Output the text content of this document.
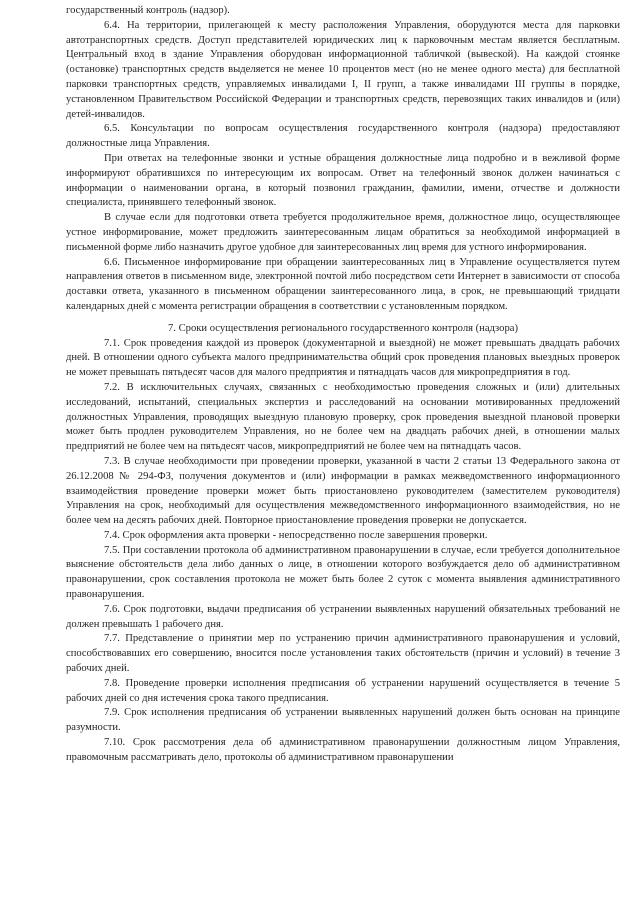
государственный контроль (надзор).

6.4. На территории, прилегающей к месту расположения Управления, оборудуются места для парковки автотранспортных средств. Доступ представителей юридических лиц к парковочным местам является бесплатным. Центральный вход в здание Управления оборудован информационной табличкой (вывеской). На каждой стоянке (остановке) транспортных средств выделяется не менее 10 процентов мест (но не менее одного места) для бесплатной парковки транспортных средств, управляемых инвалидами I, II групп, а также инвалидами III группы в порядке, установленном Правительством Российской Федерации и транспортных средств, перевозящих таких инвалидов и (или) детей-инвалидов.

6.5. Консультации по вопросам осуществления государственного контроля (надзора) предоставляют должностные лица Управления.

При ответах на телефонные звонки и устные обращения должностные лица подробно и в вежливой форме информируют обратившихся по интересующим их вопросам. Ответ на телефонный звонок должен начинаться с информации о наименовании органа, в который позвонил гражданин, фамилии, имени, отчестве и должности специалиста, принявшего телефонный звонок.

В случае если для подготовки ответа требуется продолжительное время, должностное лицо, осуществляющее устное информирование, может предложить заинтересованным лицам обратиться за необходимой информацией в письменной форме либо назначить другое удобное для заинтересованных лиц время для устного информирования.

6.6. Письменное информирование при обращении заинтересованных лиц в Управление осуществляется путем направления ответов в письменном виде, электронной почтой либо посредством сети Интернет в зависимости от способа доставки ответа, указанного в письменном обращении заинтересованного лица, в срок, не превышающий тридцати календарных дней с момента регистрации обращения в соответствии с установленным порядком.

7. Сроки осуществления регионального государственного контроля (надзора)

7.1. Срок проведения каждой из проверок (документарной и выездной) не может превышать двадцать рабочих дней. В отношении одного субъекта малого предпринимательства общий срок проведения плановых выездных проверок не может превышать пятьдесят часов для малого предприятия и пятнадцать часов для микропредприятия в год.

7.2. В исключительных случаях, связанных с необходимостью проведения сложных и (или) длительных исследований, испытаний, специальных экспертиз и расследований на основании мотивированных предложений должностных Управления, проводящих выездную плановую проверку, срок проведения выездной плановой проверки может быть продлен руководителем Управления, но не более чем на двадцать рабочих дней, в отношении малых предприятий не более чем на пятьдесят часов, микропредприятий не более чем на пятнадцать часов.

7.3. В случае необходимости при проведении проверки, указанной в части 2 статьи 13 Федерального закона от 26.12.2008 № 294-ФЗ, получения документов и (или) информации в рамках межведомственного информационного взаимодействия проведение проверки может быть приостановлено руководителем (заместителем руководителя) Управления на срок, необходимый для осуществления межведомственного информационного взаимодействия, но не более чем на десять рабочих дней. Повторное приостановление проведения проверки не допускается.

7.4. Срок оформления акта проверки - непосредственно после завершения проверки.

7.5. При составлении протокола об административном правонарушении в случае, если требуется дополнительное выяснение обстоятельств дела либо данных о лице, в отношении которого возбуждается дело об административном правонарушении, срок составления протокола не может быть более 2 суток с момента выявления административного правонарушения.

7.6. Срок подготовки, выдачи предписания об устранении выявленных нарушений обязательных требований не должен превышать 1 рабочего дня.

7.7. Представление о принятии мер по устранению причин административного правонарушения и условий, способствовавших его совершению, вносится после установления таких обстоятельств (причин и условий) в течение 3 рабочих дней.

7.8. Проведение проверки исполнения предписания об устранении нарушений осуществляется в течение 5 рабочих дней со дня истечения срока такого предписания.

7.9. Срок исполнения предписания об устранении выявленных нарушений должен быть основан на принципе разумности.

7.10. Срок рассмотрения дела об административном правонарушении должностным лицом Управления, правомочным рассматривать дело, протоколы об административном правонарушении
